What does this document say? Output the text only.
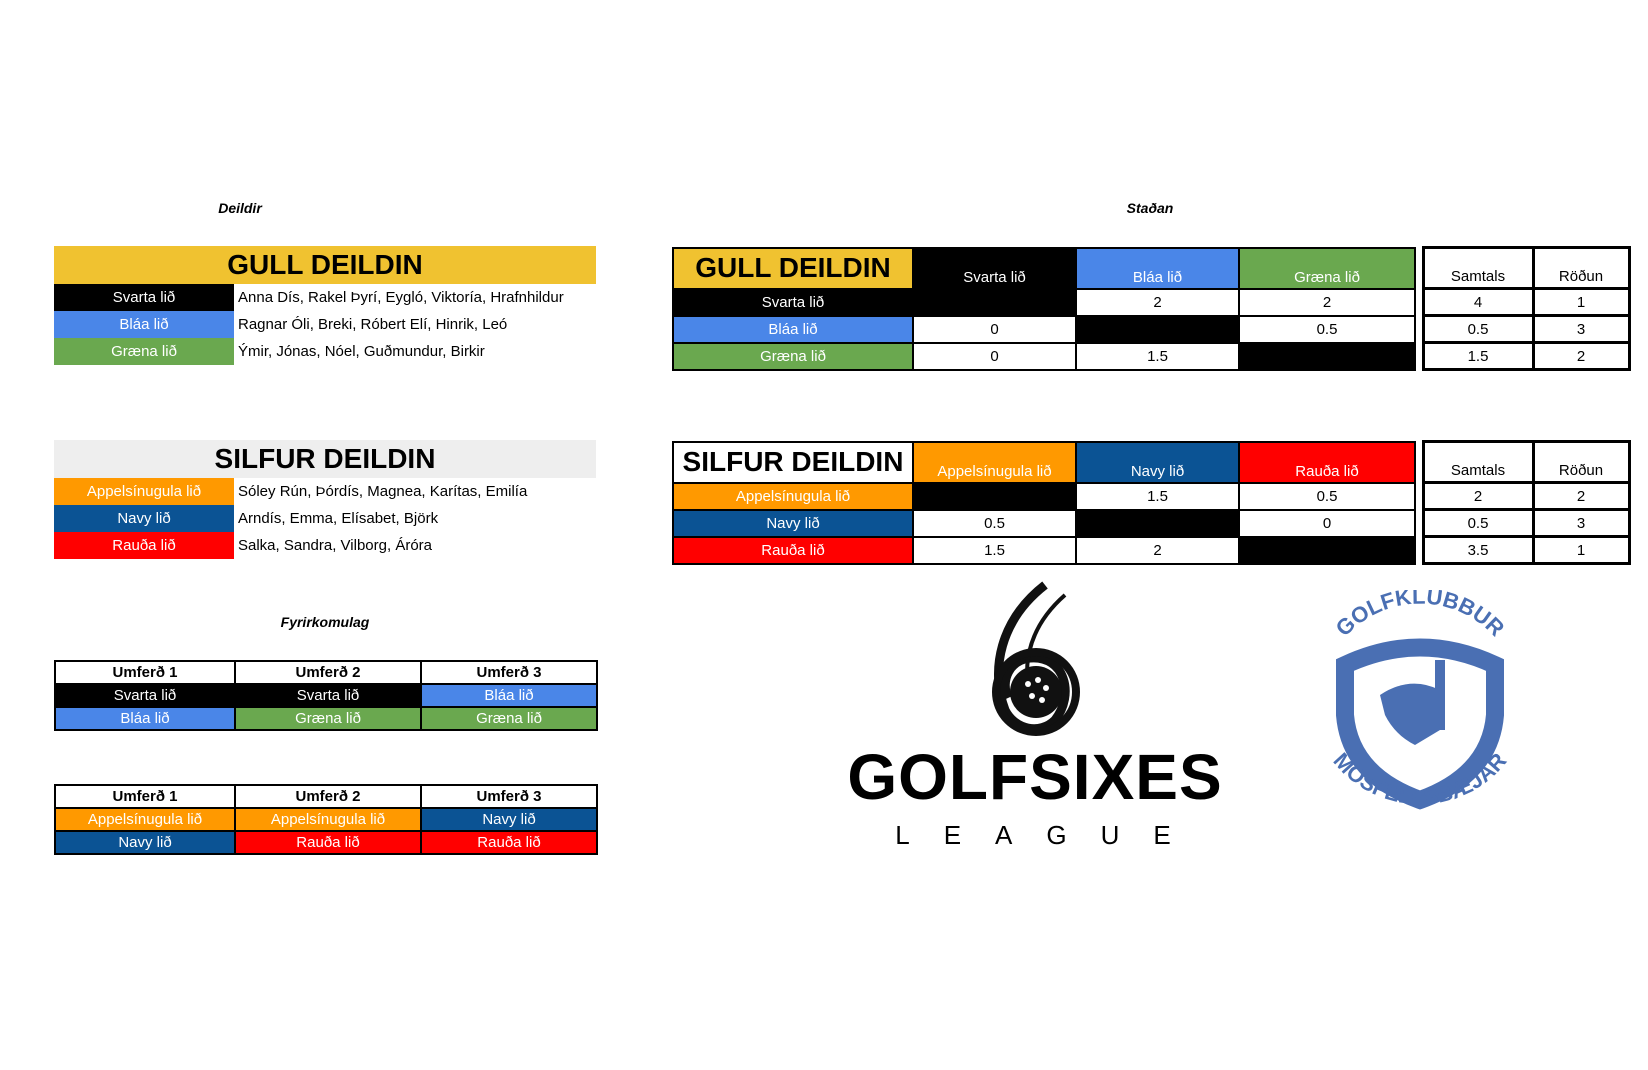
Deildir	Staðan
Fyrirkomulag
GULL DEILDIN
Svarta lið	Anna Dís, Rakel Þyrí, Eygló, Viktoría, Hrafnhildur
Bláa lið	Ragnar Óli, Breki, Róbert Elí, Hinrik, Leó
Græna lið	Ýmir, Jónas, Nóel, Guðmundur, Birkir
SILFUR DEILDIN
Appelsínugula lið	Sóley Rún, Þórdís, Magnea, Karítas, Emilía
Navy lið	Arndís, Emma, Elísabet, Björk
Rauða lið	Salka, Sandra, Vilborg, Áróra
GULL DEILDIN	Svarta lið	Bláa lið	Græna lið		Samtals	Röðun
Svarta lið		2	2		4	1
Bláa lið	0		0.5		0.5	3
Græna lið	0	1.5			1.5	2
SILFUR DEILDIN	Appelsínugula lið	Navy lið	Rauða lið		Samtals	Röðun
Appelsínugula lið		1.5	0.5		2	2
Navy lið	0.5		0		0.5	3
Rauða lið	1.5	2			3.5	1
Umferð 1	Umferð 2	Umferð 3
Svarta lið	Svarta lið	Bláa lið
Bláa lið	Græna lið	Græna lið
Umferð 1	Umferð 2	Umferð 3
Appelsínugula lið	Appelsínugula lið	Navy lið
Navy lið	Rauða lið	Rauða lið
GOLFSIXES
LEAGUE
GOLFKLÚBBUR
MOSFELLSBÆJAR
